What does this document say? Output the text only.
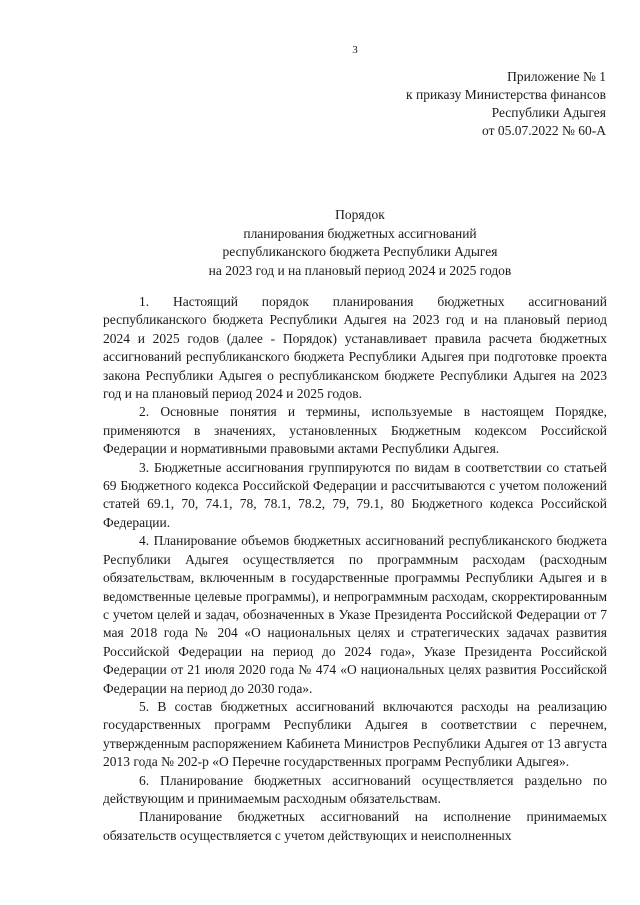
3
Приложение № 1
к приказу Министерства финансов
Республики Адыгея
от 05.07.2022 № 60-А
Порядок
планирования бюджетных ассигнований
республиканского бюджета Республики Адыгея
на 2023 год и на плановый период 2024 и 2025 годов

1. Настоящий порядок планирования бюджетных ассигнований республиканского бюджета Республики Адыгея на 2023 год и на плановый период 2024 и 2025 годов (далее - Порядок) устанавливает правила расчета бюджетных ассигнований республиканского бюджета Республики Адыгея при подготовке проекта закона Республики Адыгея о республиканском бюджете Республики Адыгея на 2023 год и на плановый период 2024 и 2025 годов.

2. Основные понятия и термины, используемые в настоящем Порядке, применяются в значениях, установленных Бюджетным кодексом Российской Федерации и нормативными правовыми актами Республики Адыгея.

3. Бюджетные ассигнования группируются по видам в соответствии со статьей 69 Бюджетного кодекса Российской Федерации и рассчитываются с учетом положений статей 69.1, 70, 74.1, 78, 78.1, 78.2, 79, 79.1, 80 Бюджетного кодекса Российской Федерации.

4. Планирование объемов бюджетных ассигнований республиканского бюджета Республики Адыгея осуществляется по программным расходам (расходным обязательствам, включенным в государственные программы Республики Адыгея и в ведомственные целевые программы), и непрограммным расходам, скорректированным с учетом целей и задач, обозначенных в Указе Президента Российской Федерации от 7 мая 2018 года № 204 «О национальных целях и стратегических задачах развития Российской Федерации на период до 2024 года», Указе Президента Российской Федерации от 21 июля 2020 года № 474 «О национальных целях развития Российской Федерации на период до 2030 года».

5. В состав бюджетных ассигнований включаются расходы на реализацию государственных программ Республики Адыгея в соответствии с перечнем, утвержденным распоряжением Кабинета Министров Республики Адыгея от 13 августа 2013 года № 202-р «О Перечне государственных программ Республики Адыгея».

6. Планирование бюджетных ассигнований осуществляется раздельно по действующим и принимаемым расходным обязательствам.

Планирование бюджетных ассигнований на исполнение принимаемых обязательств осуществляется с учетом действующих и неисполненных
